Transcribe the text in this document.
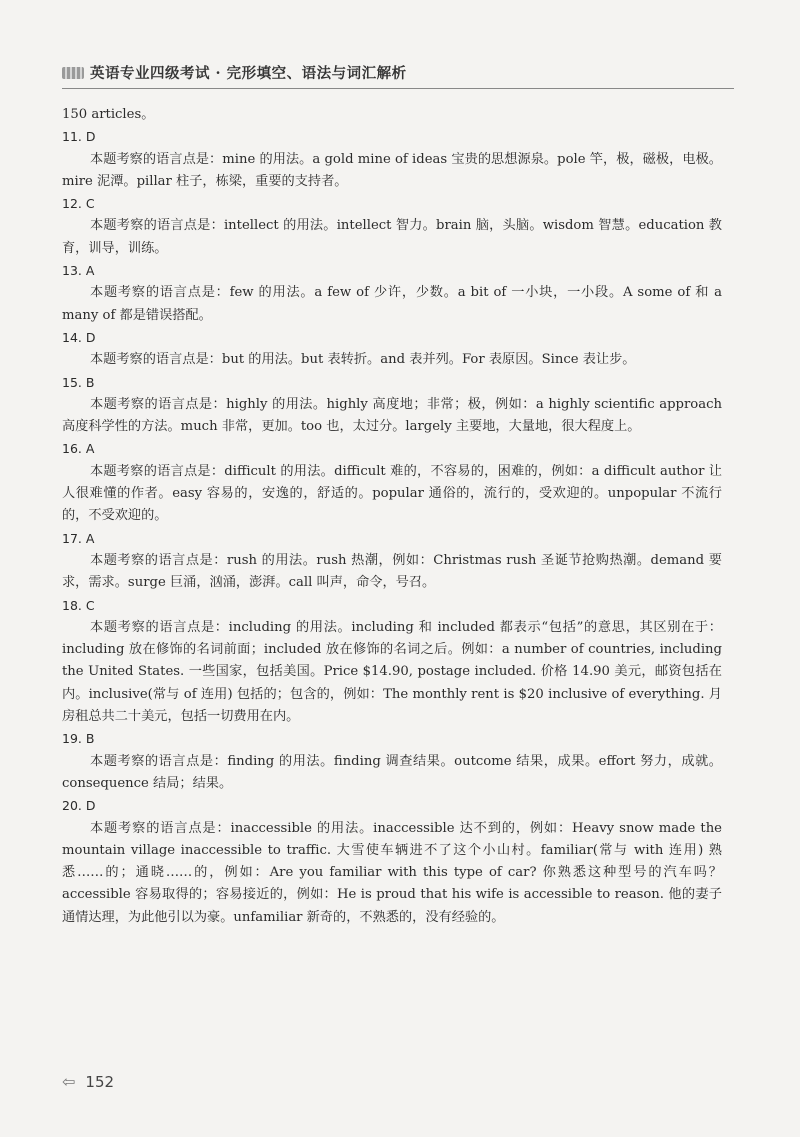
英语专业四级考试 · 完形填空、语法与词汇解析
150 articles。
11. D

本题考察的语言点是：mine 的用法。a gold mine of ideas 宝贵的思想源泉。pole 竿，极，磁极，电极。mire 泥潭。pillar 柱子，栋梁，重要的支持者。

12. C

本题考察的语言点是：intellect 的用法。intellect 智力。brain 脑，头脑。wisdom 智慧。education 教育，训导，训练。

13. A

本题考察的语言点是：few 的用法。a few of 少许，少数。a bit of 一小块，一小段。A some of 和 a many of 都是错误搭配。

14. D

本题考察的语言点是：but 的用法。but 表转折。and 表并列。For 表原因。Since 表让步。

15. B

本题考察的语言点是：highly 的用法。highly 高度地；非常；极，例如：a highly scientific approach 高度科学性的方法。much 非常，更加。too 也，太过分。largely 主要地，大量地，很大程度上。

16. A

本题考察的语言点是：difficult 的用法。difficult 难的，不容易的，困难的，例如：a difficult author 让人很难懂的作者。easy 容易的，安逸的，舒适的。popular 通俗的，流行的，受欢迎的。unpopular 不流行的，不受欢迎的。

17. A

本题考察的语言点是：rush 的用法。rush 热潮，例如：Christmas rush 圣诞节抢购热潮。demand 要求，需求。surge 巨涌，汹涌，澎湃。call 叫声，命令，号召。

18. C

本题考察的语言点是：including 的用法。including 和 included 都表示“包括”的意思，其区别在于：including 放在修饰的名词前面；included 放在修饰的名词之后。例如：a number of countries, including the United States. 一些国家，包括美国。Price $14.90, postage included. 价格 14.90 美元，邮资包括在内。inclusive(常与 of 连用) 包括的；包含的，例如：The monthly rent is $20 inclusive of everything. 月房租总共二十美元，包括一切费用在内。

19. B

本题考察的语言点是：finding 的用法。finding 调查结果。outcome 结果，成果。effort 努力，成就。consequence 结局；结果。

20. D

本题考察的语言点是：inaccessible 的用法。inaccessible 达不到的，例如：Heavy snow made the mountain village inaccessible to traffic. 大雪使车辆进不了这个小山村。familiar(常与 with 连用) 熟悉……的；通晓……的，例如：Are you familiar with this type of car? 你熟悉这种型号的汽车吗？accessible 容易取得的；容易接近的，例如：He is proud that his wife is accessible to reason. 他的妻子通情达理，为此他引以为豪。unfamiliar 新奇的，不熟悉的，没有经验的。

⇦ 152
